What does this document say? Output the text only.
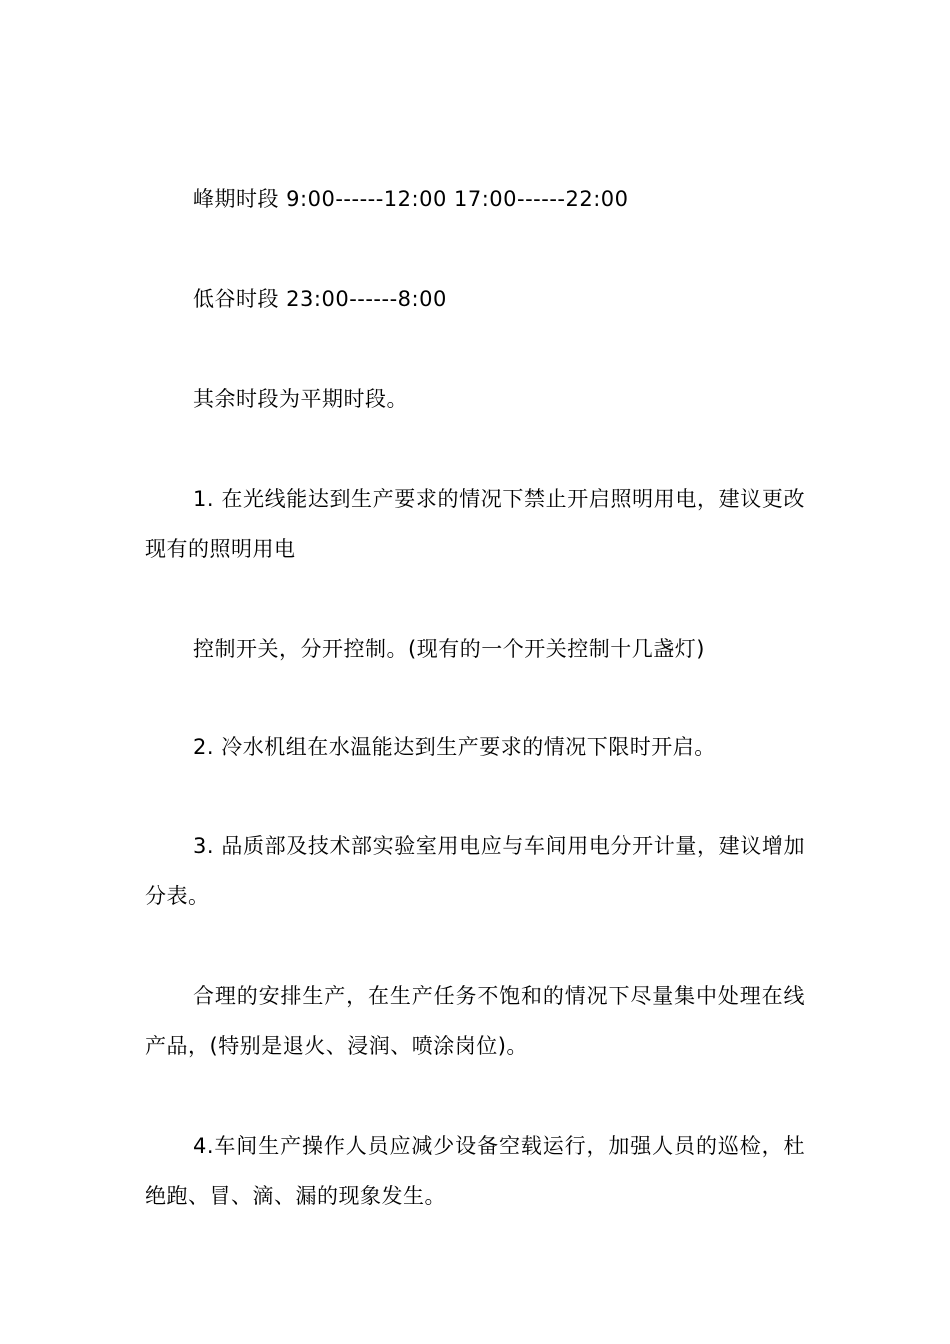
峰期时段 9:00------12:00 17:00------22:00

低谷时段 23:00------8:00

其余时段为平期时段。

1. 在光线能达到生产要求的情况下禁止开启照明用电，建议更改现有的照明用电

控制开关，分开控制。(现有的一个开关控制十几盏灯)

2. 冷水机组在水温能达到生产要求的情况下限时开启。

3. 品质部及技术部实验室用电应与车间用电分开计量，建议增加分表。

合理的安排生产，在生产任务不饱和的情况下尽量集中处理在线产品，(特别是退火、浸润、喷涂岗位)。

4.车间生产操作人员应减少设备空载运行，加强人员的巡检，杜绝跑、冒、滴、漏的现象发生。
